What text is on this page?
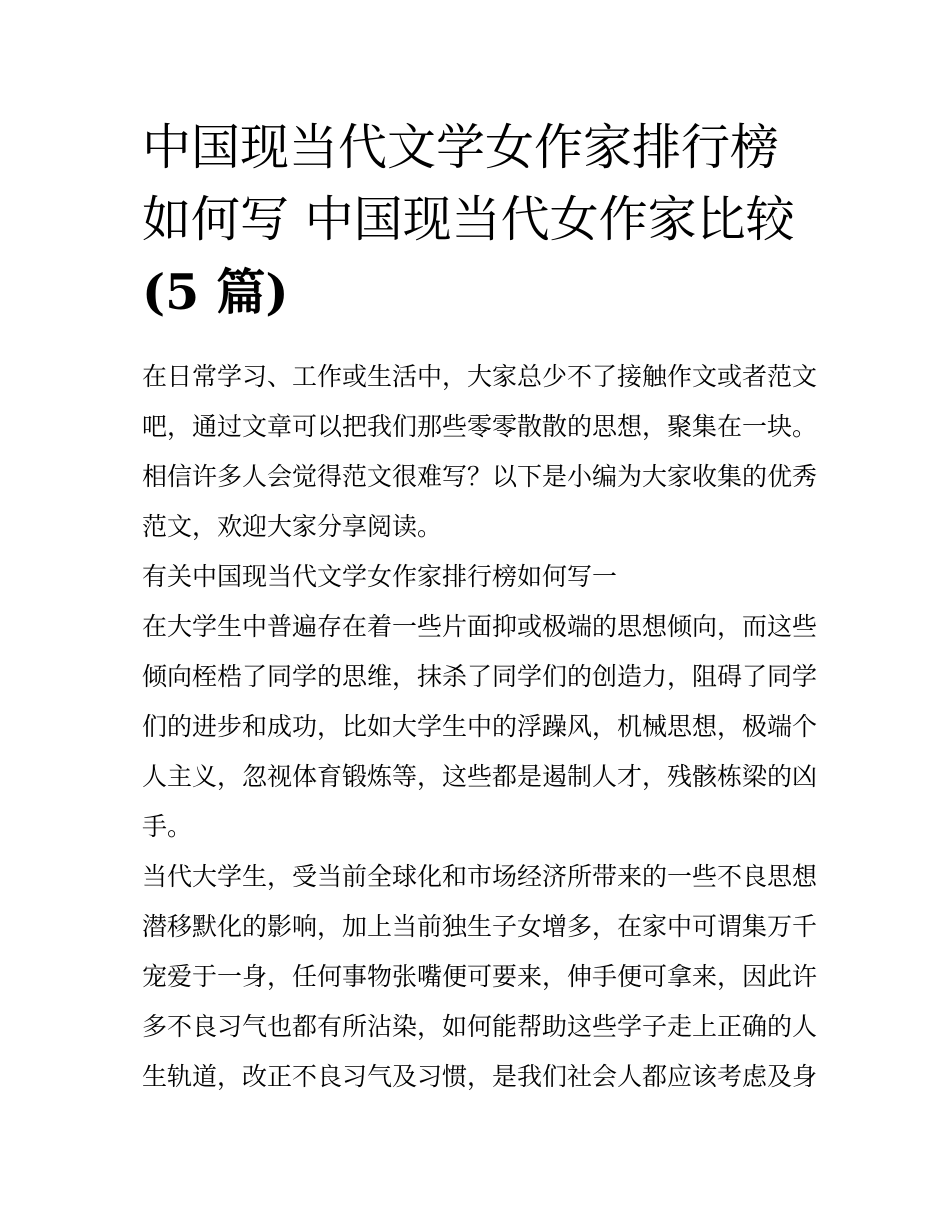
中国现当代文学女作家排行榜
如何写 中国现当代女作家比较
(5 篇)

在日常学习、工作或生活中，大家总少不了接触作文或者范文
吧，通过文章可以把我们那些零零散散的思想，聚集在一块。
相信许多人会觉得范文很难写？以下是小编为大家收集的优秀
范文，欢迎大家分享阅读。

有关中国现当代文学女作家排行榜如何写一

在大学生中普遍存在着一些片面抑或极端的思想倾向，而这些
倾向桎梏了同学的思维，抹杀了同学们的创造力，阻碍了同学
们的进步和成功，比如大学生中的浮躁风，机械思想，极端个
人主义，忽视体育锻炼等，这些都是遏制人才，残骸栋梁的凶
手。

当代大学生，受当前全球化和市场经济所带来的一些不良思想
潜移默化的影响，加上当前独生子女增多，在家中可谓集万千
宠爱于一身，任何事物张嘴便可要来，伸手便可拿来，因此许
多不良习气也都有所沾染，如何能帮助这些学子走上正确的人
生轨道，改正不良习气及习惯，是我们社会人都应该考虑及身
